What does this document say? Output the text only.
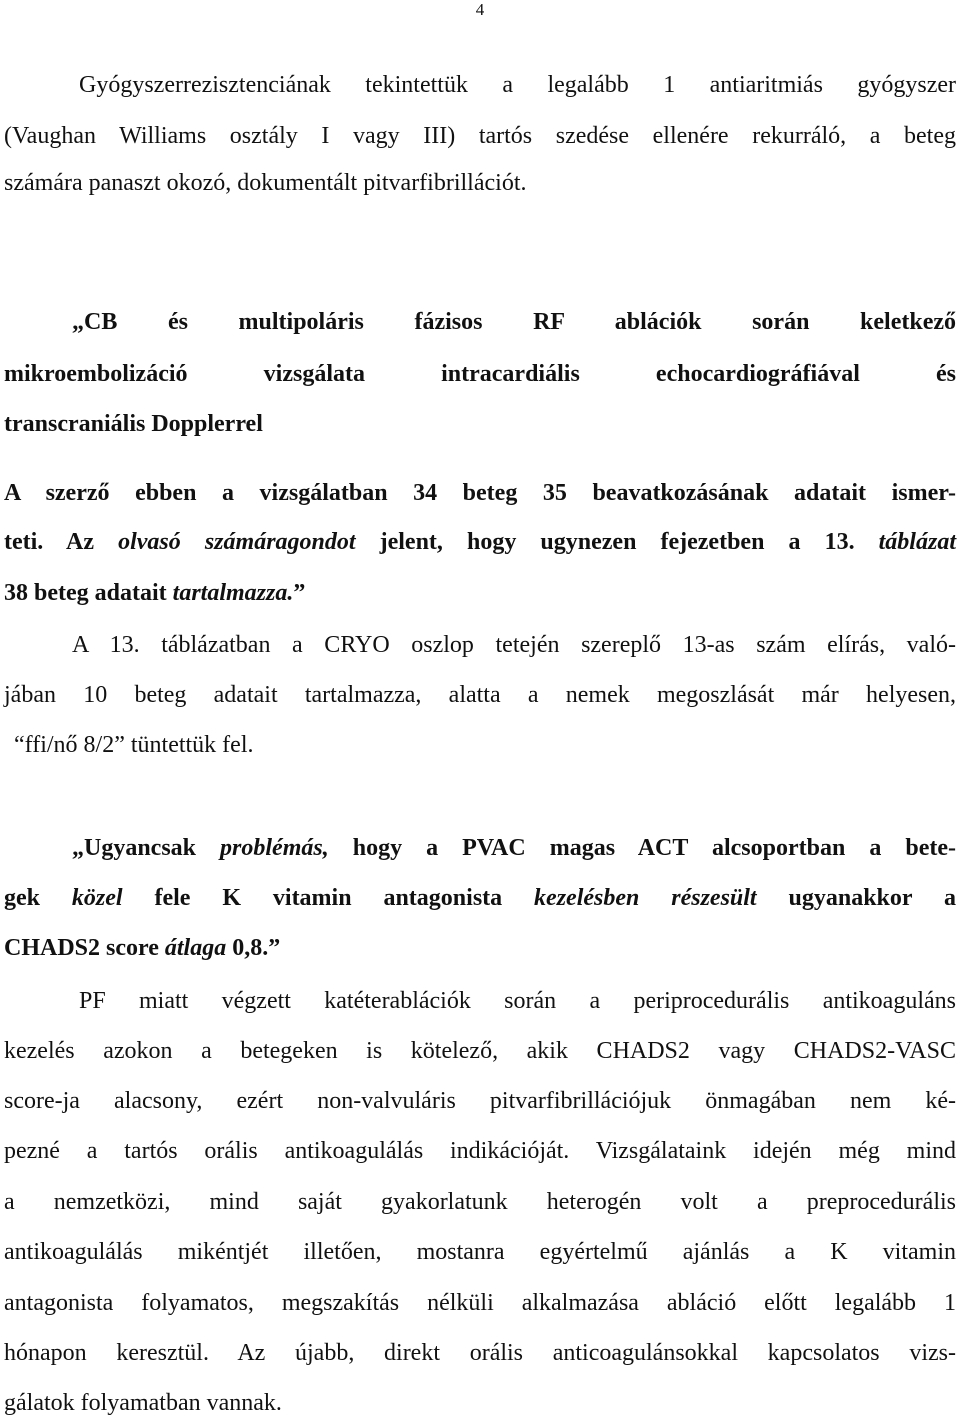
4
Gyógyszerrezisztenciának tekintettük a legalább 1 antiaritmiás gyógyszer
(Vaughan Williams osztály I vagy III) tartós szedése ellenére rekurráló, a beteg
számára panaszt okozó, dokumentált pitvarfibrillációt.
„CB és multipoláris fázisos RF ablációk során keletkező
mikroembolizáció vizsgálata intracardiális echocardiográfiával és
transcraniális Dopplerrel
A szerző ebben a vizsgálatban 34 beteg 35 beavatkozásának adatait ismer-
teti. Az olvasó számáragondot jelent, hogy ugynezen fejezetben a 13. táblázat
38 beteg adatait tartalmazza.”
A 13. táblázatban a CRYO oszlop tetején szereplő 13-as szám elírás, való-
jában 10 beteg adatait tartalmazza, alatta a nemek megoszlását már helyesen,
“ffi/nő 8/2” tüntettük fel.
„Ugyancsak problémás, hogy a PVAC magas ACT alcsoportban a bete-
gek közel fele K vitamin antagonista kezelésben részesült ugyanakkor a
CHADS2 score átlaga 0,8.”
PF miatt végzett katéterablációk során a periprocedurális antikoaguláns
kezelés azokon a betegeken is kötelező, akik CHADS2 vagy CHADS2-VASC
score-ja alacsony, ezért non-valvuláris pitvarfibrillációjuk önmagában nem ké-
pezné a tartós orális antikoagulálás indikációját. Vizsgálataink idején még mind
a nemzetközi, mind saját gyakorlatunk heterogén volt a preprocedurális
antikoagulálás mikéntjét illetően, mostanra egyértelmű ajánlás a K vitamin
antagonista folyamatos, megszakítás nélküli alkalmazása abláció előtt legalább 1
hónapon keresztül. Az újabb, direkt orális anticoagulánsokkal kapcsolatos vizs-
gálatok folyamatban vannak.
